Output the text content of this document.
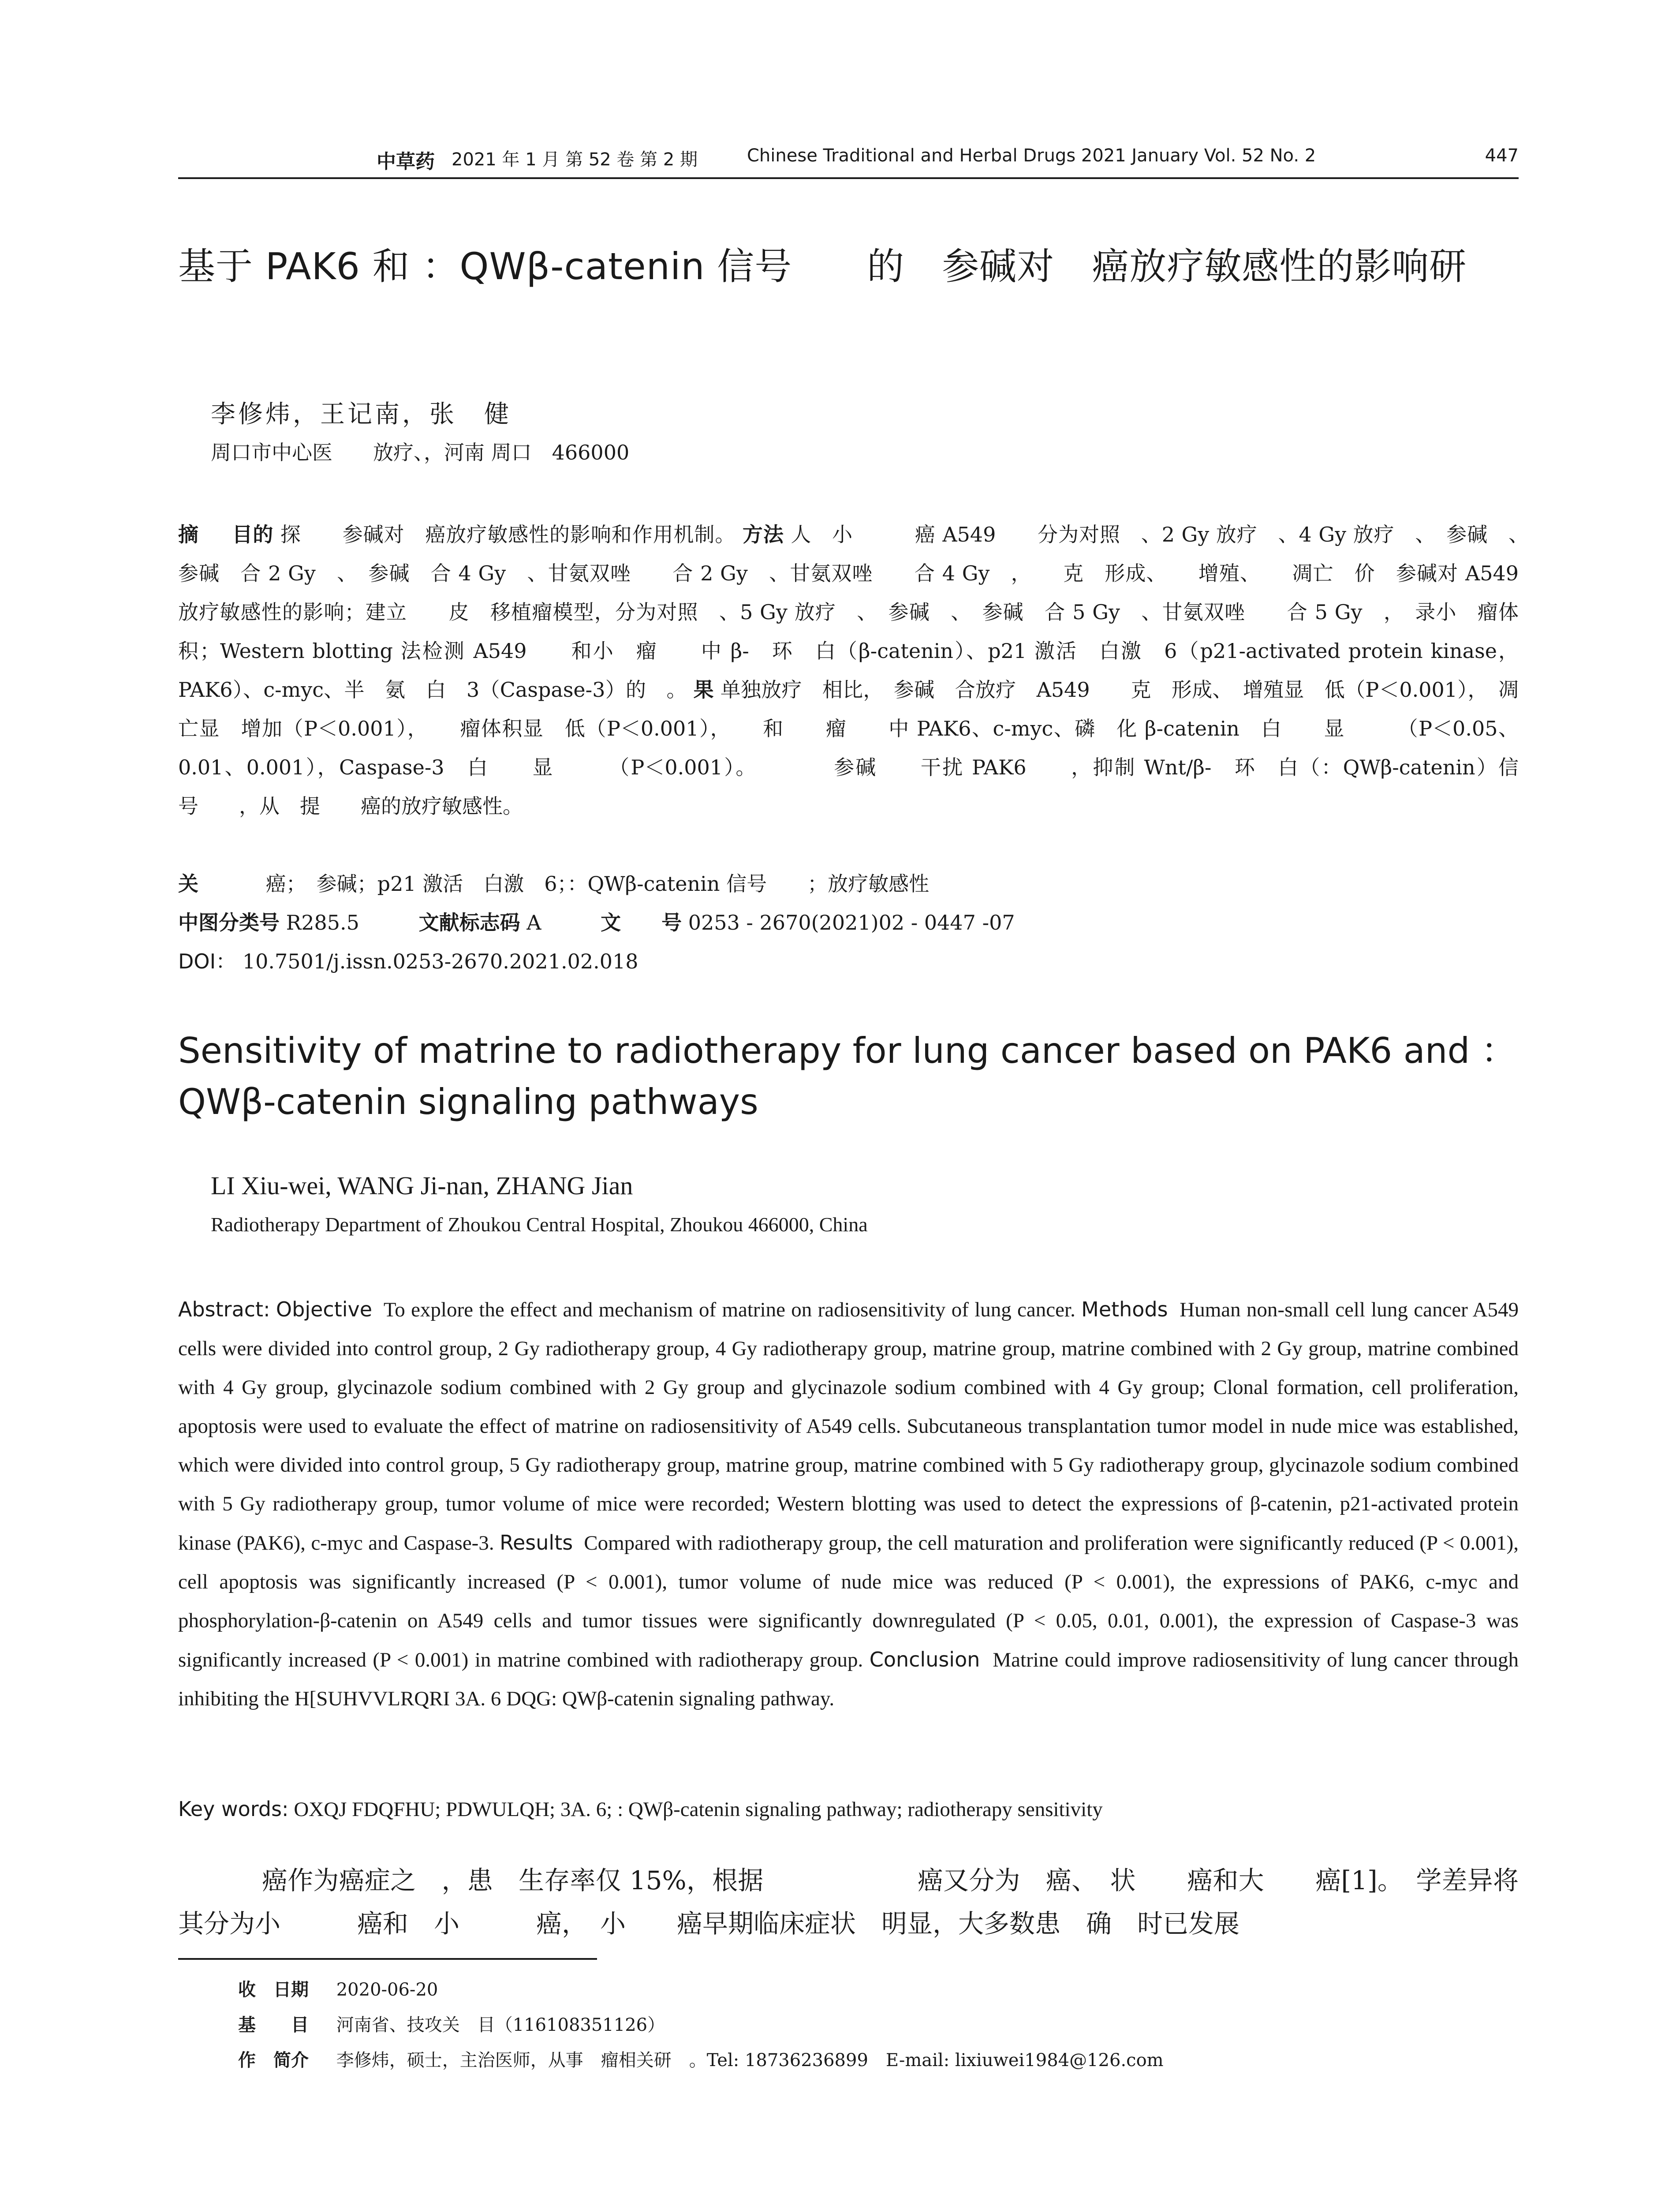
中草药 2021 年 1 月 第 52 卷 第 2 期	Chinese Traditional and Herbal Drugs 2021 January Vol. 52 No. 2	447
基于 PAK6 和 ：QWβ-catenin 信号　　的　参碱对　癌放疗敏感性的影响研
李修炜，王记南，张　健
周口市中心医　　放疗、，河南 周口　466000
摘 目的 探　　参碱对　癌放疗敏感性的影响和作用机制。 方法 人　小　　　癌 A549　　分为对照　、2 Gy 放疗　、4 Gy 放疗　、　参碱　、　参碱　合 2 Gy　、　参碱　合 4 Gy　、甘氨双唑　　合 2 Gy　、甘氨双唑　　合 4 Gy　，　　克　形成、　　增殖、　　凋亡　价　参碱对 A549　　　放疗敏感性的影响；建立　　皮　移植瘤模型，分为对照　、5 Gy 放疗　、　参碱　、　参碱　合 5 Gy　、甘氨双唑　　合 5 Gy　，　录小　瘤体积；Western blotting 法检测 A549　　和小　瘤　　中 β-　环　白（β-catenin）、p21 激活　白激　6（p21-activated protein kinase，PAK6）、c-myc、半　氨　白　3（Caspase-3）的　。 果 单独放疗　相比，　参碱　合放疗　A549　　克　形成、　增殖显　低（P＜0.001），　凋亡显　增加（P＜0.001），　　瘤体积显　低（P＜0.001），　　和　　瘤　　中 PAK6、c-myc、磷　化 β-catenin　白　　显　　　（P＜0.05、0.01、0.001），Caspase-3　白　　显　　　（P＜0.001）。　　　　参碱　　干扰 PAK6　　，抑制 Wnt/β-　环　白（：QWβ-catenin）信号　　，从　提　　癌的放疗敏感性。
关 　　　癌；　参碱；p21 激活　白激　6；：QWβ-catenin 信号　　；放疗敏感性
中图分类号 R285.5	文献标志码 A	文　　号 0253 - 2670(2021)02 - 0447 -07
DOI： 10.7501/j.issn.0253-2670.2021.02.018
Sensitivity of matrine to radiotherapy for lung cancer based on PAK6 and ：QWβ-catenin signaling pathways
LI Xiu-wei, WANG Ji-nan, ZHANG Jian
Radiotherapy Department of Zhoukou Central Hospital, Zhoukou 466000, China
Abstract: Objective To explore the effect and mechanism of matrine on radiosensitivity of lung cancer. Methods Human non-small cell lung cancer A549 cells were divided into control group, 2 Gy radiotherapy group, 4 Gy radiotherapy group, matrine group, matrine combined with 2 Gy group, matrine combined with 4 Gy group, glycinazole sodium combined with 2 Gy group and glycinazole sodium combined with 4 Gy group; Clonal formation, cell proliferation, apoptosis were used to evaluate the effect of matrine on radiosensitivity of A549 cells. Subcutaneous transplantation tumor model in nude mice was established, which were divided into control group, 5 Gy radiotherapy group, matrine group, matrine combined with 5 Gy radiotherapy group, glycinazole sodium combined with 5 Gy radiotherapy group, tumor volume of mice were recorded; Western blotting was used to detect the expressions of β-catenin, p21-activated protein kinase (PAK6), c-myc and Caspase-3. Results Compared with radiotherapy group, the cell maturation and proliferation were significantly reduced (P < 0.001), cell apoptosis was significantly increased (P < 0.001), tumor volume of nude mice was reduced (P < 0.001), the expressions of PAK6, c-myc and phosphorylation-β-catenin on A549 cells and tumor tissues were significantly downregulated (P < 0.05, 0.01, 0.001), the expression of Caspase-3 was significantly increased (P < 0.001) in matrine combined with radiotherapy group. Conclusion Matrine could improve radiosensitivity of lung cancer through inhibiting the H[SUHVVLRQRI 3A. 6 DQG: QWβ-catenin signaling pathway.
Key words: OXQJ FDQFHU; PDWULQH; 3A. 6; : QWβ-catenin signaling pathway; radiotherapy sensitivity
癌作为癌症之　，患　生存率仅 15%，根据　　　　　　癌又分为　癌、　状　　癌和大　　癌[1]。　学差异将其分为小　　　癌和　小　　　癌，　小　　癌早期临床症状　明显，大多数患　确　时已发展
收　日期 2020-06-20
基　　目 河南省、技攻关　目（116108351126）
作　简介 李修炜，硕士，主治医师，从事　瘤相关研　。Tel: 18736236899　E-mail: lixiuwei1984@126.com
